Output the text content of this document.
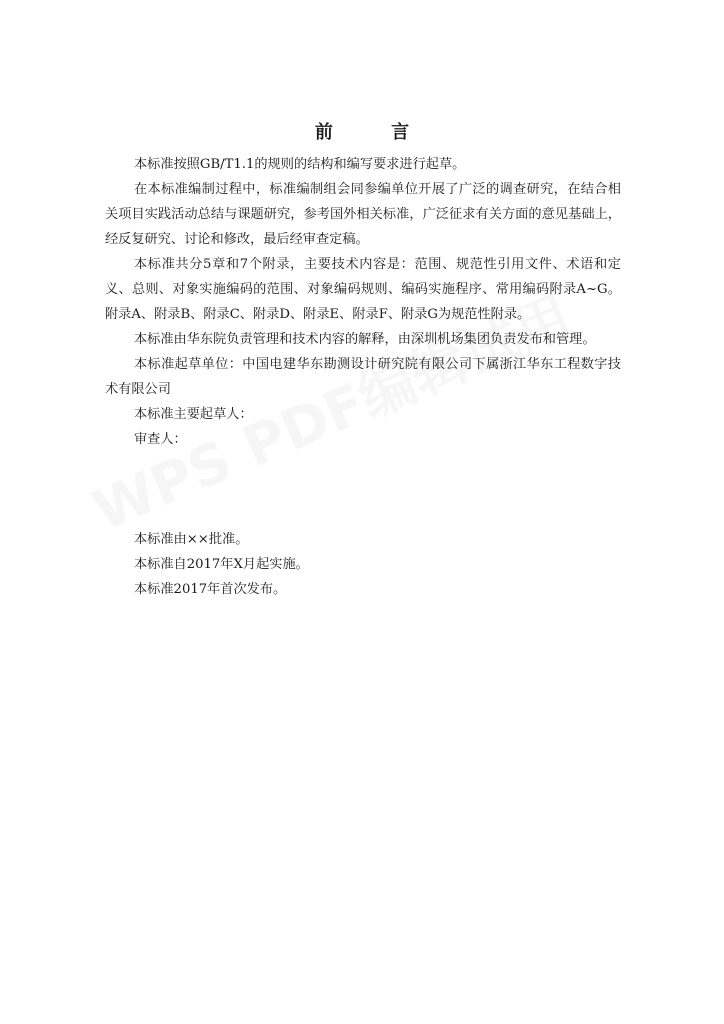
前 言

本标准按照GB/T1.1的规则的结构和编写要求进行起草。

在本标准编制过程中，标准编制组会同参编单位开展了广泛的调查研究，在结合相关项目实践活动总结与课题研究，参考国外相关标准，广泛征求有关方面的意见基础上，经反复研究、讨论和修改，最后经审查定稿。

本标准共分5章和7个附录，主要技术内容是：范围、规范性引用文件、术语和定义、总则、对象实施编码的范围、对象编码规则、编码实施程序、常用编码附录A~G。附录A、附录B、附录C、附录D、附录E、附录F、附录G为规范性附录。

本标准由华东院负责管理和技术内容的解释，由深圳机场集团负责发布和管理。

本标准起草单位：中国电建华东勘测设计研究院有限公司下属浙江华东工程数字技术有限公司

本标准主要起草人：

审查人：

本标准由××批准。

本标准自2017年X月起实施。

本标准2017年首次发布。
